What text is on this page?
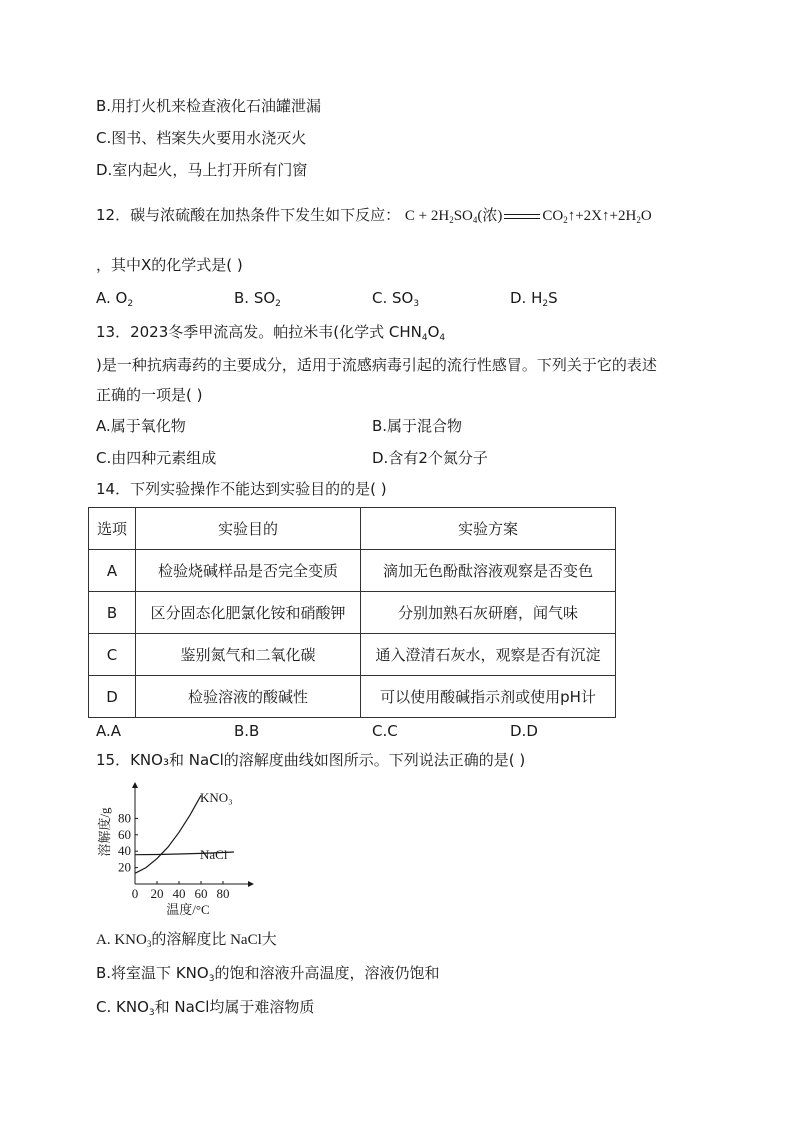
B.用打火机来检查液化石油罐泄漏
C.图书、档案失火要用水浇灭火
D.室内起火，马上打开所有门窗
12．碳与浓硫酸在加热条件下发生如下反应： $C + 2H_2SO_4$(浓)	$CO_2↑+2X↑+2H_2O$
，其中X的化学式是( )
A. $O_2$	B. $SO_2$	C. $SO_3$	D. $H_2S$
13．2023冬季甲流高发。帕拉米韦(化学式 $CHN_4O_4$
)是一种抗病毒药的主要成分，适用于流感病毒引起的流行性感冒。下列关于它的表述
正确的一项是( )
A.属于氧化物	B.属于混合物
C.由四种元素组成	D.含有2个氮分子
14．下列实验操作不能达到实验目的的是( )
选项	实验目的	实验方案
A	检验烧碱样品是否完全变质	滴加无色酚酞溶液观察是否变色
B	区分固态化肥氯化铵和硝酸钾	分别加熟石灰研磨，闻气味
C	鉴别氮气和二氧化碳	通入澄清石灰水，观察是否有沉淀
D	检验溶液的酸碱性	可以使用酸碱指示剂或使用pH计
A.A	B.B	C.C	D.D
15．KNO₃和 NaCl的溶解度曲线如图所示。下列说法正确的是( )
0 20 40 60 80
20
40
60
80
KNO₃
NaCl
温度/°C
溶解度/g
A. $KNO_3$的溶解度比 NaCl大
B.将室温下 $KNO_3$的饱和溶液升高温度，溶液仍饱和
C. $KNO_3$和 NaCl均属于难溶物质
